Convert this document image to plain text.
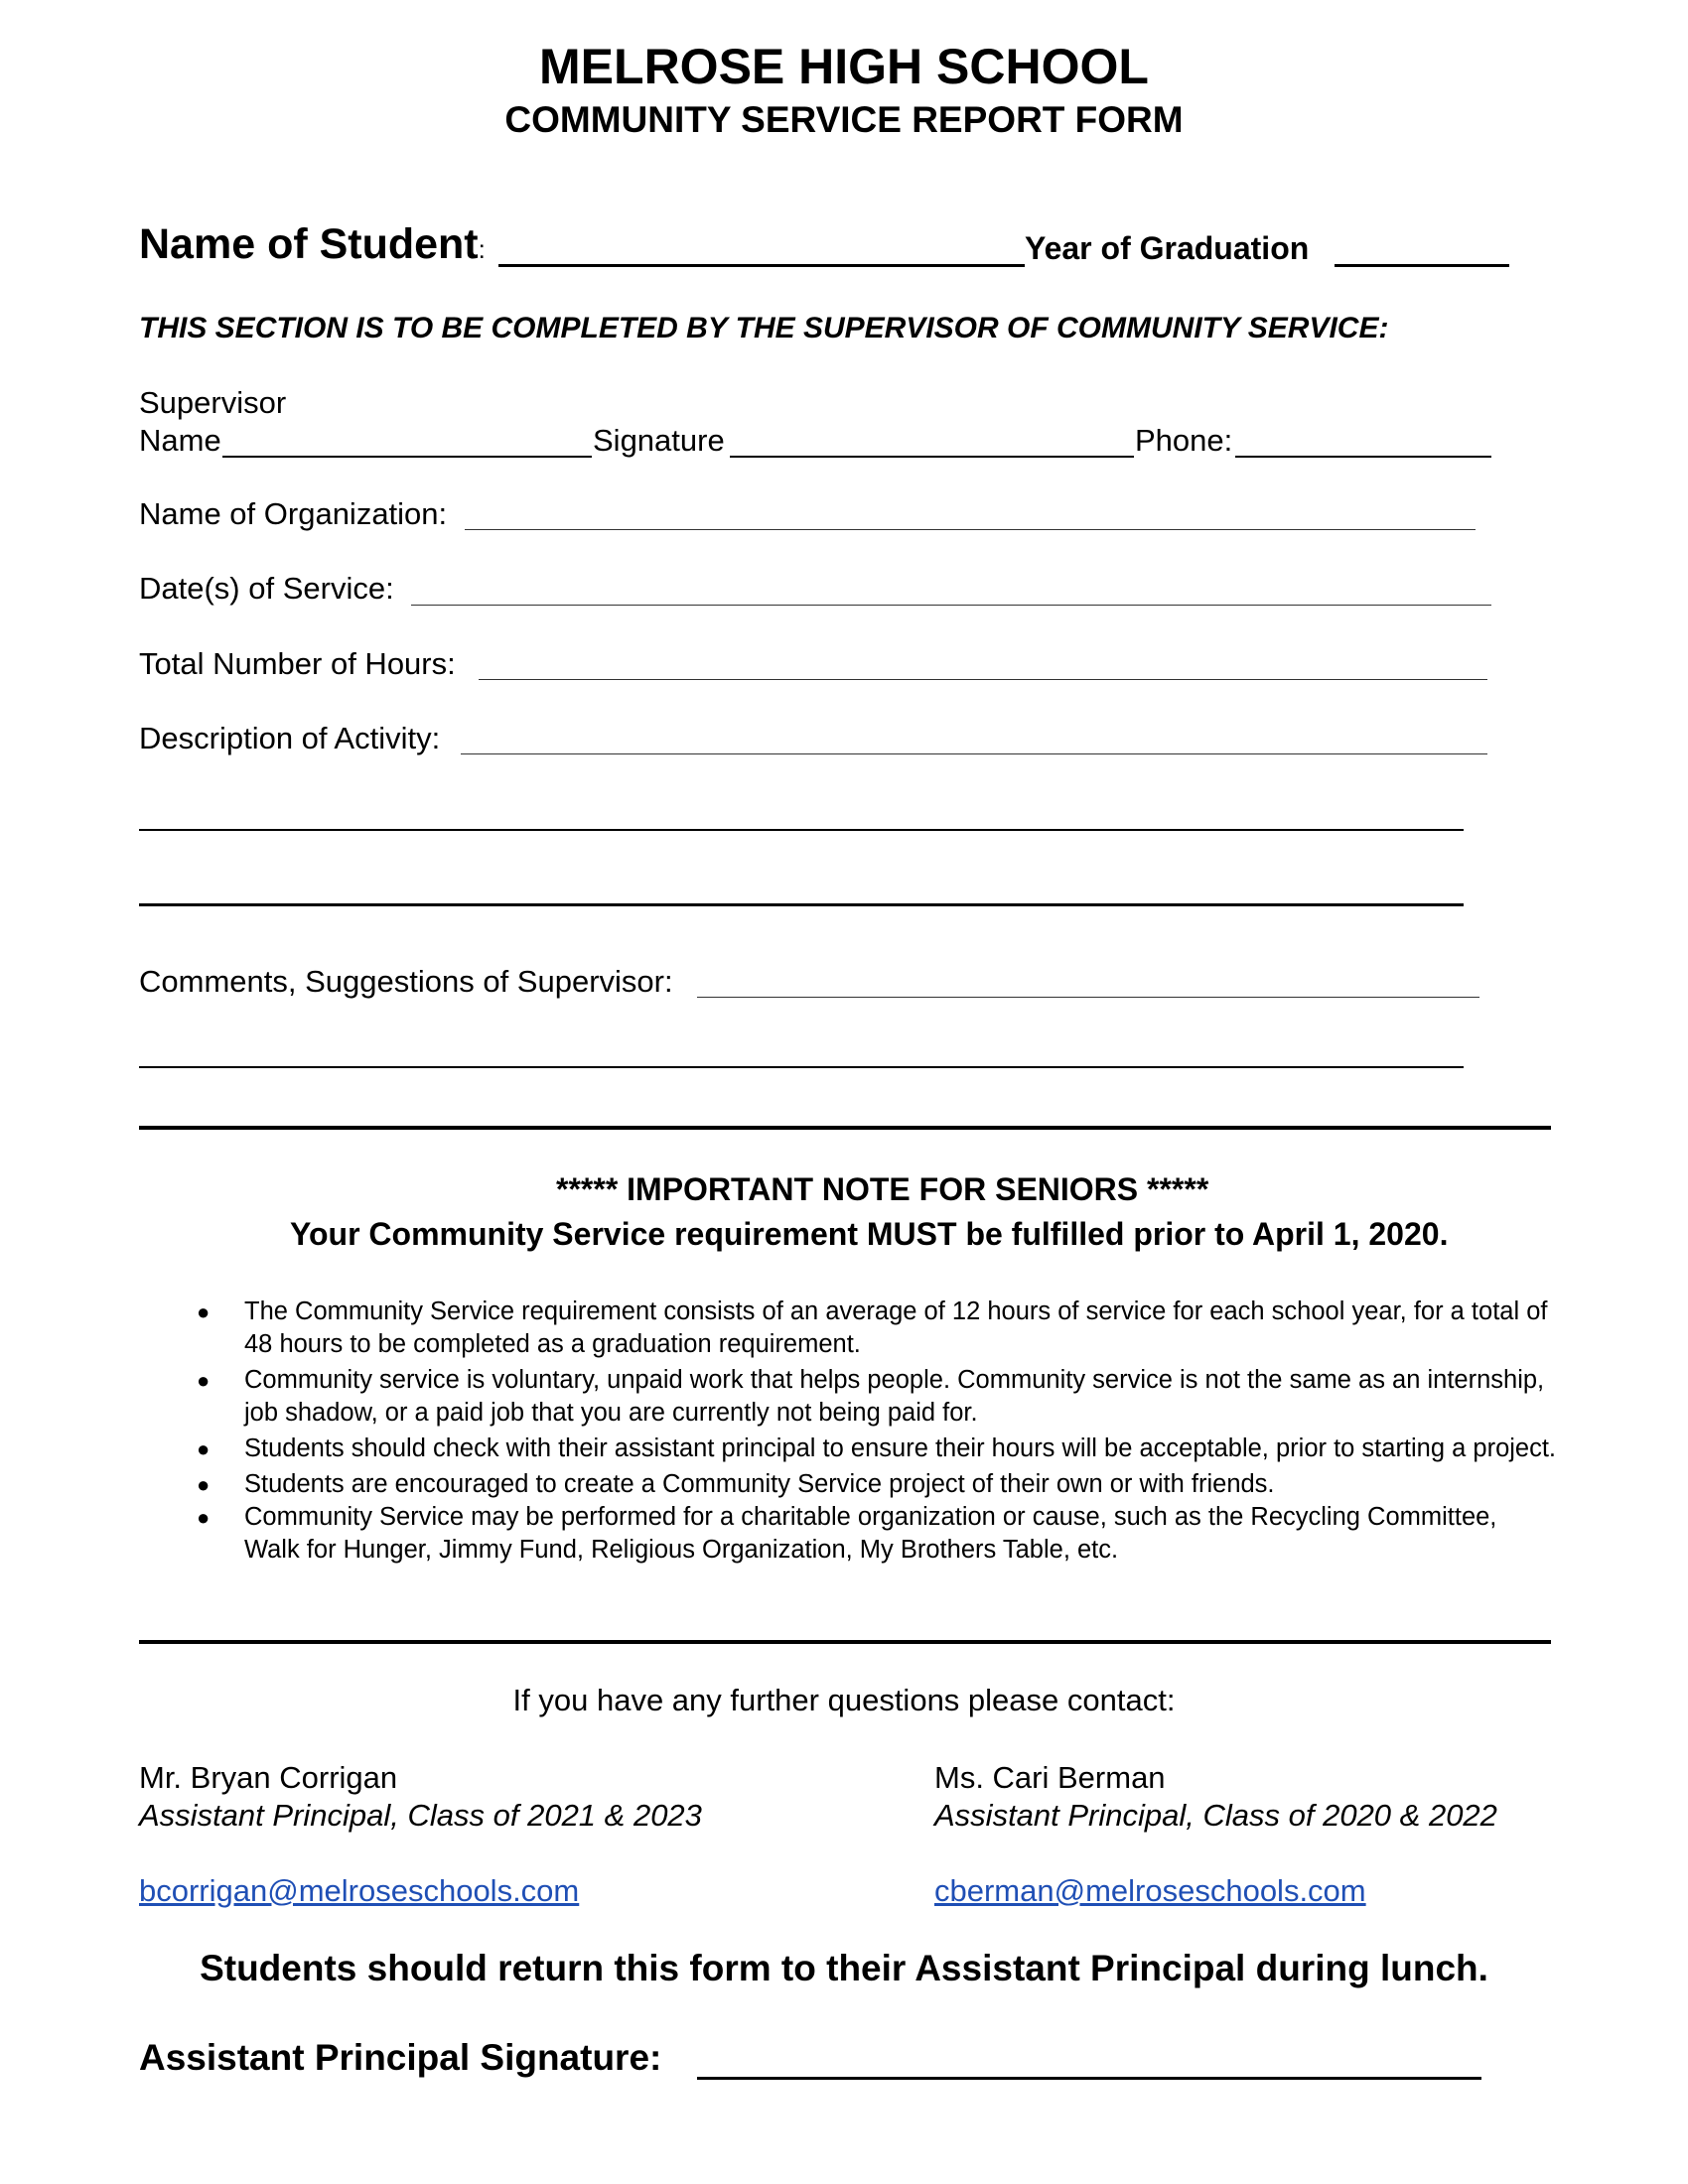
MELROSE HIGH SCHOOL
COMMUNITY SERVICE REPORT FORM
Name of Student:	Year of Graduation
THIS SECTION IS TO BE COMPLETED BY THE SUPERVISOR OF COMMUNITY SERVICE:
Supervisor
Name	Signature	Phone:
Name of Organization:
Date(s) of Service:
Total Number of Hours:
Description of Activity:
Comments, Suggestions of Supervisor:
***** IMPORTANT NOTE FOR SENIORS *****
Your Community Service requirement MUST be fulfilled prior to April 1, 2020.
● The Community Service requirement consists of an average of 12 hours of service for each school year, for a total of 48 hours to be completed as a graduation requirement.
● Community service is voluntary, unpaid work that helps people. Community service is not the same as an internship, job shadow, or a paid job that you are currently not being paid for.
● Students should check with their assistant principal to ensure their hours will be acceptable, prior to starting a project.
● Students are encouraged to create a Community Service project of their own or with friends.
● Community Service may be performed for a charitable organization or cause, such as the Recycling Committee, Walk for Hunger, Jimmy Fund, Religious Organization, My Brothers Table, etc.
If you have any further questions please contact:
Mr. Bryan Corrigan
Assistant Principal, Class of 2021 & 2023
bcorrigan@melroseschools.com
Ms. Cari Berman
Assistant Principal, Class of 2020 & 2022
cberman@melroseschools.com
Students should return this form to their Assistant Principal during lunch.
Assistant Principal Signature:
